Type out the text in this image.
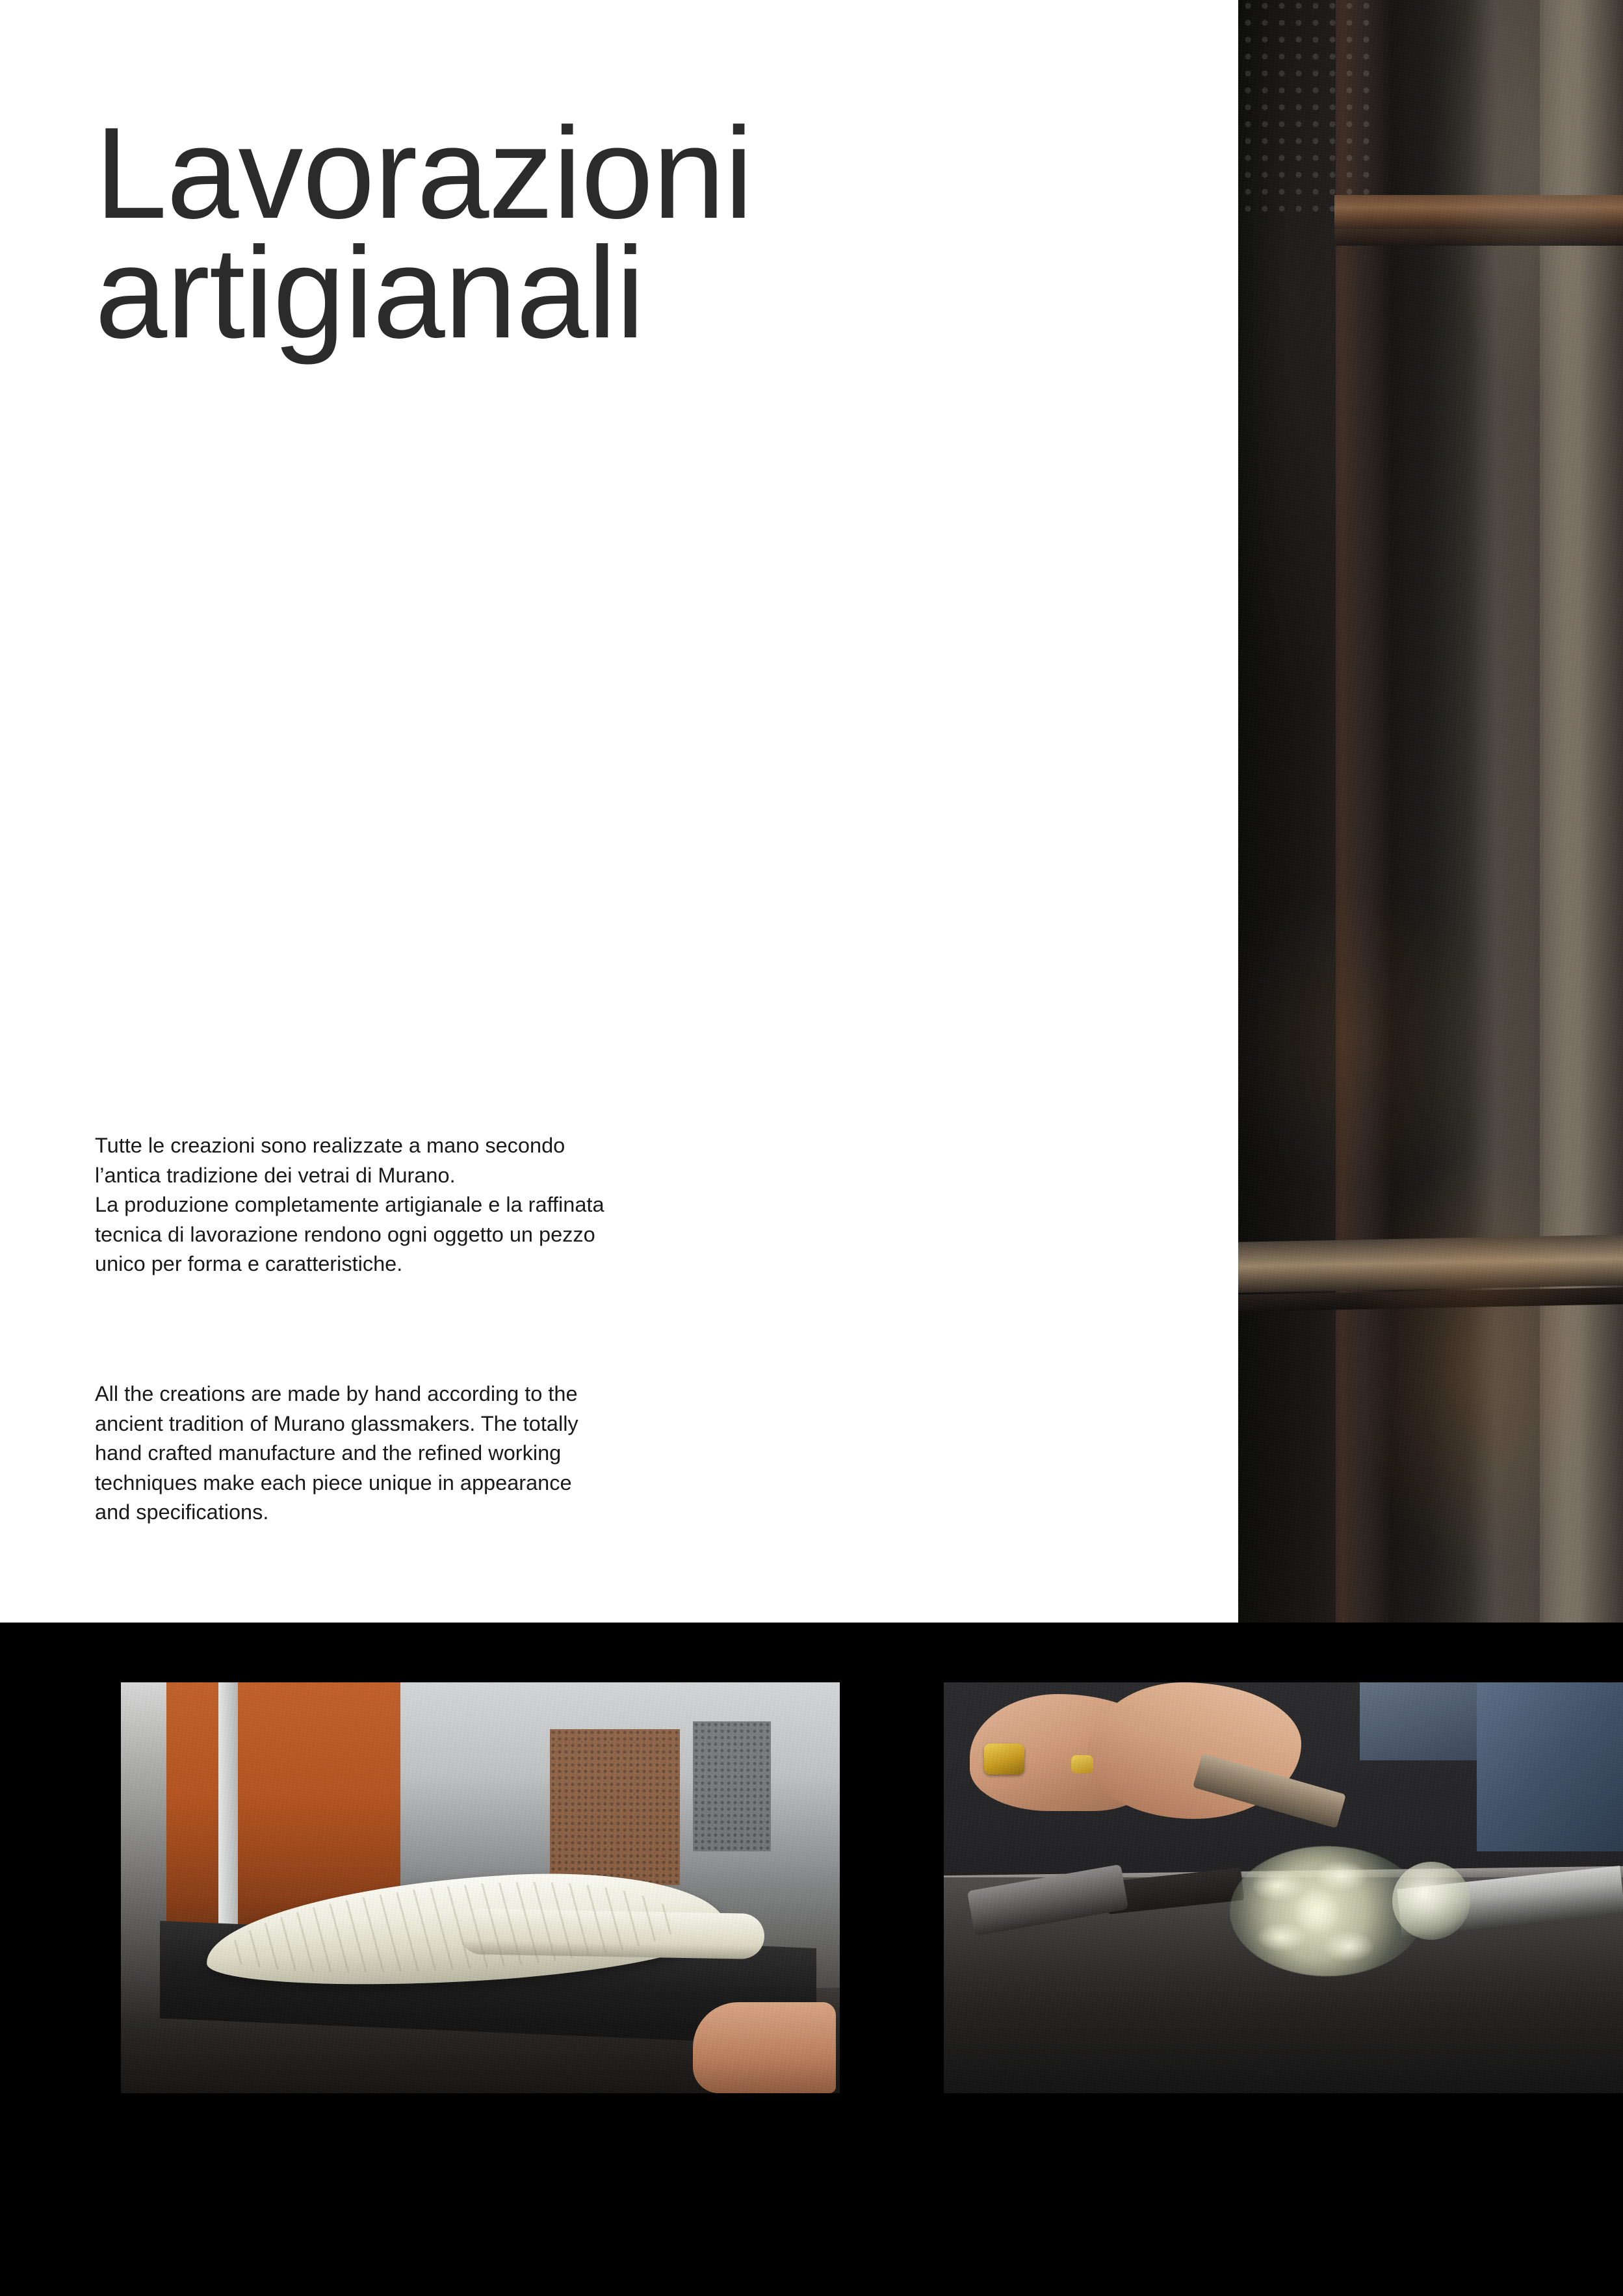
Lavorazioni
artigianali
Tutte le creazioni sono realizzate a mano secondo
l’antica tradizione dei vetrai di Murano.
La produzione completamente artigianale e la raffinata
tecnica di lavorazione rendono ogni oggetto un pezzo
unico per forma e caratteristiche.
All the creations are made by hand according to the
ancient tradition of Murano glassmakers. The totally
hand crafted manufacture and the refined working
techniques make each piece unique in appearance
and specifications.
